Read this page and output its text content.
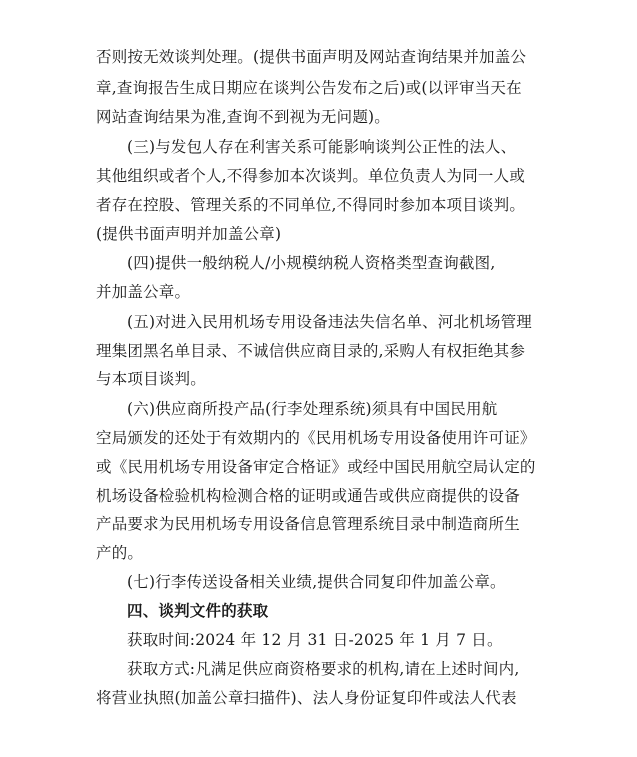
否则按无效谈判处理。(提供书面声明及网站查询结果并加盖公
章,查询报告生成日期应在谈判公告发布之后)或(以评审当天在
网站查询结果为准,查询不到视为无问题)。
(三)与发包人存在利害关系可能影响谈判公正性的法人、
其他组织或者个人,不得参加本次谈判。单位负责人为同一人或
者存在控股、管理关系的不同单位,不得同时参加本项目谈判。
(提供书面声明并加盖公章)
(四)提供一般纳税人/小规模纳税人资格类型查询截图,
并加盖公章。
(五)对进入民用机场专用设备违法失信名单、河北机场管理
理集团黑名单目录、不诚信供应商目录的,采购人有权拒绝其参
与本项目谈判。
(六)供应商所投产品(行李处理系统)须具有中国民用航
空局颁发的还处于有效期内的《民用机场专用设备使用许可证》
或《民用机场专用设备审定合格证》或经中国民用航空局认定的
机场设备检验机构检测合格的证明或通告或供应商提供的设备
产品要求为民用机场专用设备信息管理系统目录中制造商所生
产的。
(七)行李传送设备相关业绩,提供合同复印件加盖公章。
四、谈判文件的获取
获取时间:2024 年 12 月 31 日-2025 年 1 月 7 日。
获取方式:凡满足供应商资格要求的机构,请在上述时间内,
将营业执照(加盖公章扫描件)、法人身份证复印件或法人代表
